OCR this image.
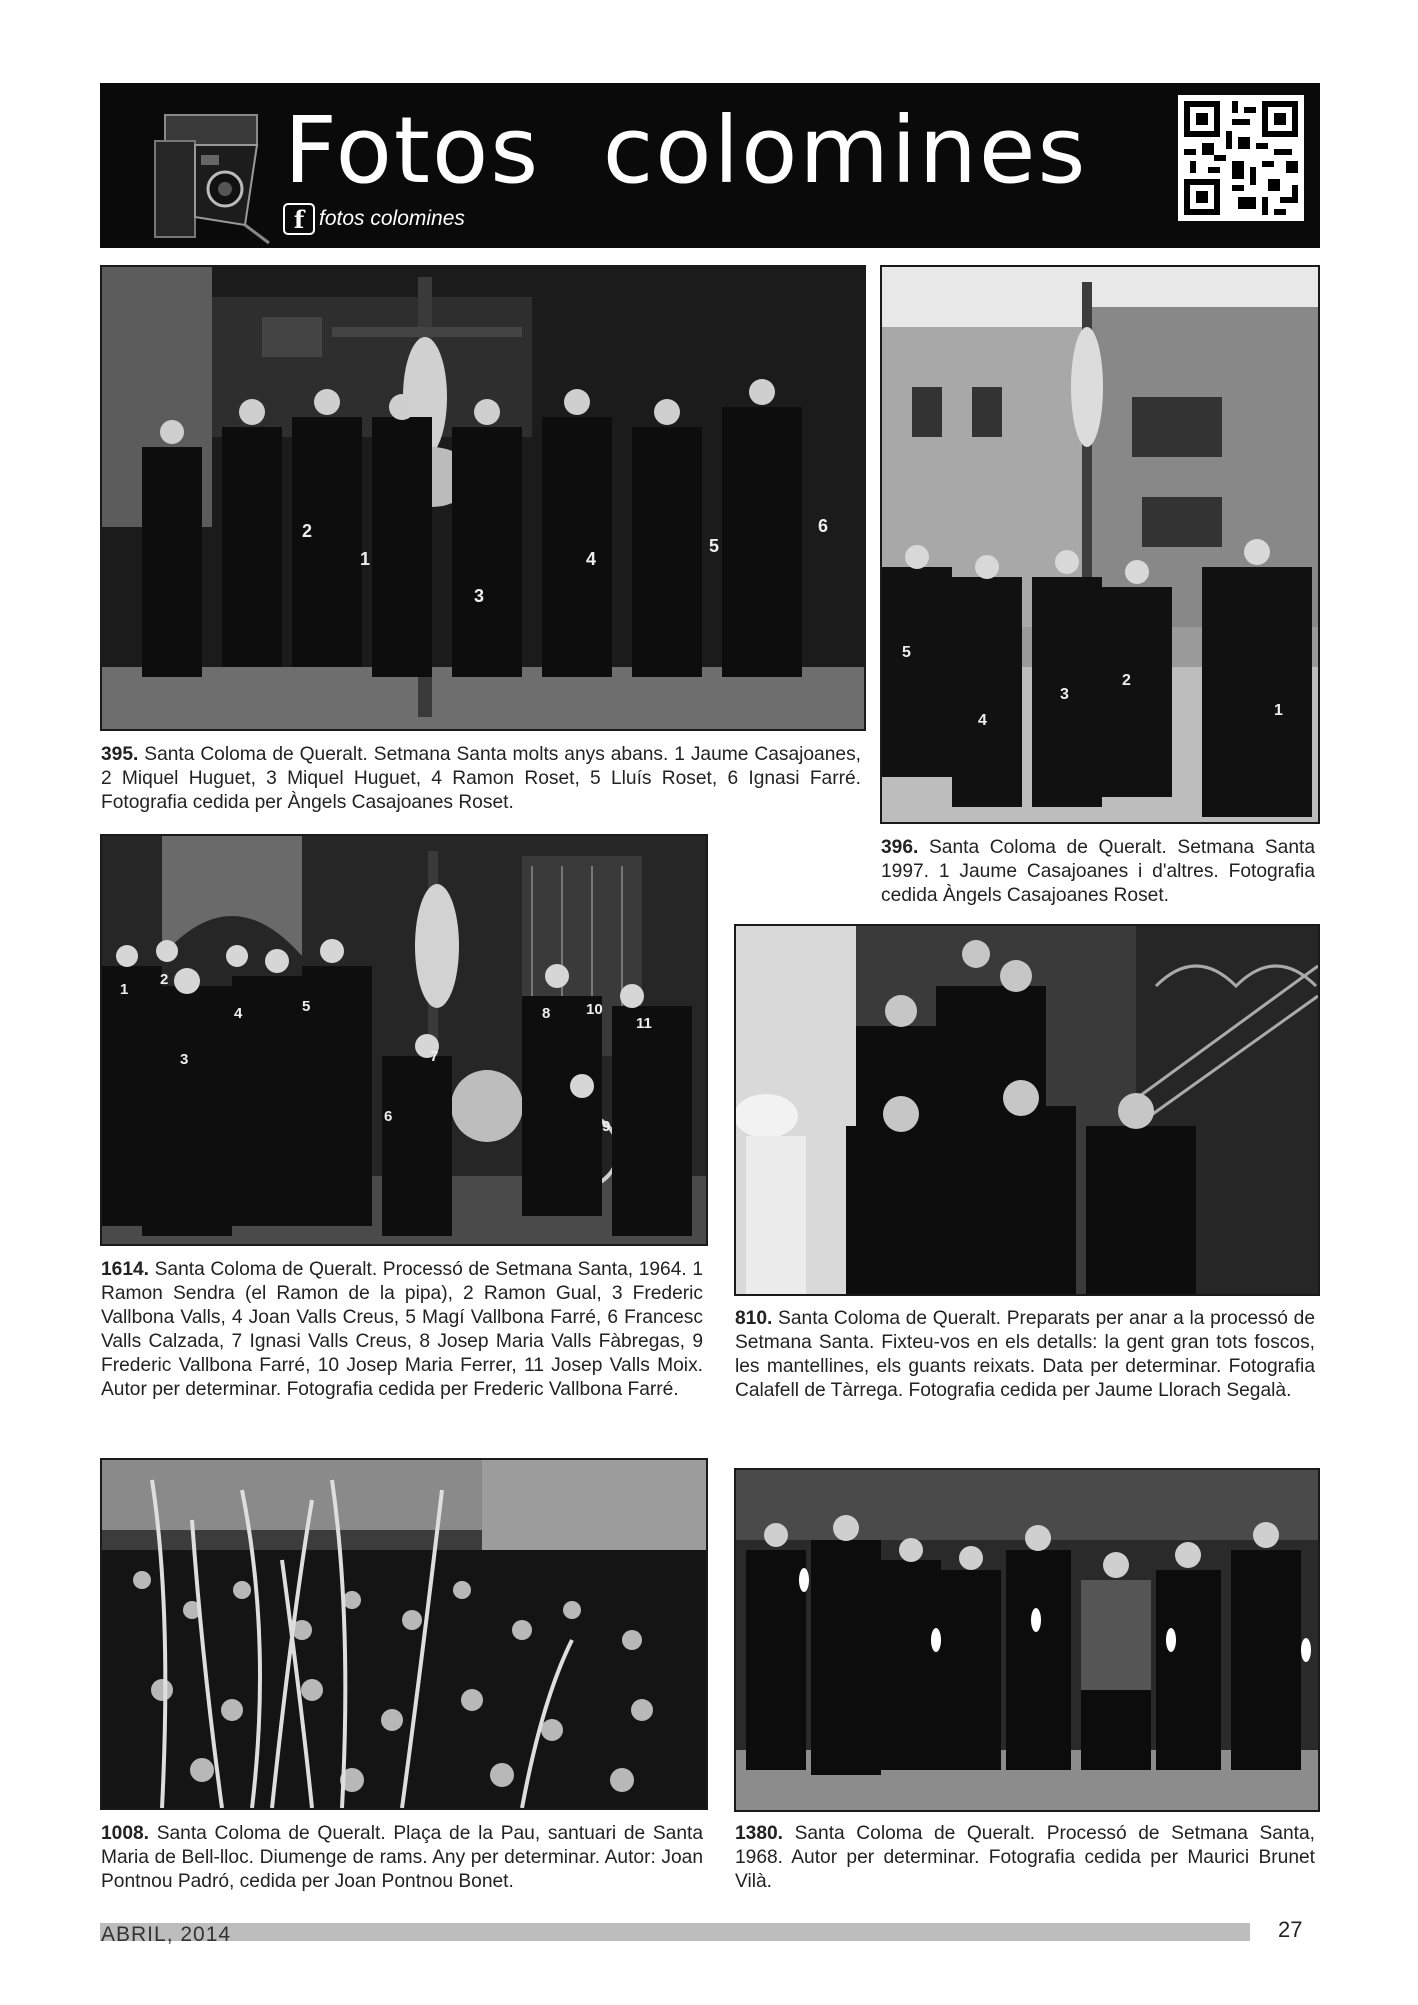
Fotos  colomines
f fotos colomines
1
2
3
4
5
6
395. Santa Coloma de Queralt. Setmana Santa molts anys abans. 1 Jaume Casajoanes, 2 Miquel Huguet, 3 Miquel Huguet, 4 Ramon Roset, 5 Lluís Roset, 6 Ignasi Farré. Fotografia cedida per Àngels Casajoanes Roset.
1
2
3
4
5
396. Santa Coloma de Queralt. Setmana Santa 1997. 1 Jaume Casajoanes i d'altres. Fotografia cedida Àngels Casajoanes Roset.
1
2
3
4	5
6
7
8
9
10
11
1614. Santa Coloma de Queralt. Processó de Setmana Santa, 1964. 1 Ramon Sendra (el Ramon de la pipa), 2 Ramon Gual, 3 Frederic Vallbona Valls, 4 Joan Valls Creus, 5 Magí Vallbona Farré, 6 Francesc Valls Calzada, 7 Ignasi Valls Creus, 8 Josep Maria Valls Fàbregas, 9 Frederic Vallbona Farré, 10 Josep Maria Ferrer, 11 Josep Valls Moix. Autor per determinar. Fotografia cedida per Frederic Vallbona Farré.
810. Santa Coloma de Queralt. Preparats per anar a la processó de Setmana Santa. Fixteu-vos en els detalls: la gent gran tots foscos, les mantellines, els guants reixats. Data per determinar. Fotografia Calafell de Tàrrega. Fotografia cedida per Jaume Llorach Segalà.
1008. Santa Coloma de Queralt. Plaça de la Pau, santuari de Santa Maria de Bell-lloc. Diumenge de rams. Any per determinar. Autor: Joan Pontnou Padró, cedida per Joan Pontnou Bonet.
1380. Santa Coloma de Queralt. Processó de Setmana Santa, 1968. Autor per determinar. Fotografia cedida per Maurici Brunet Vilà.
ABRIL, 2014	27
